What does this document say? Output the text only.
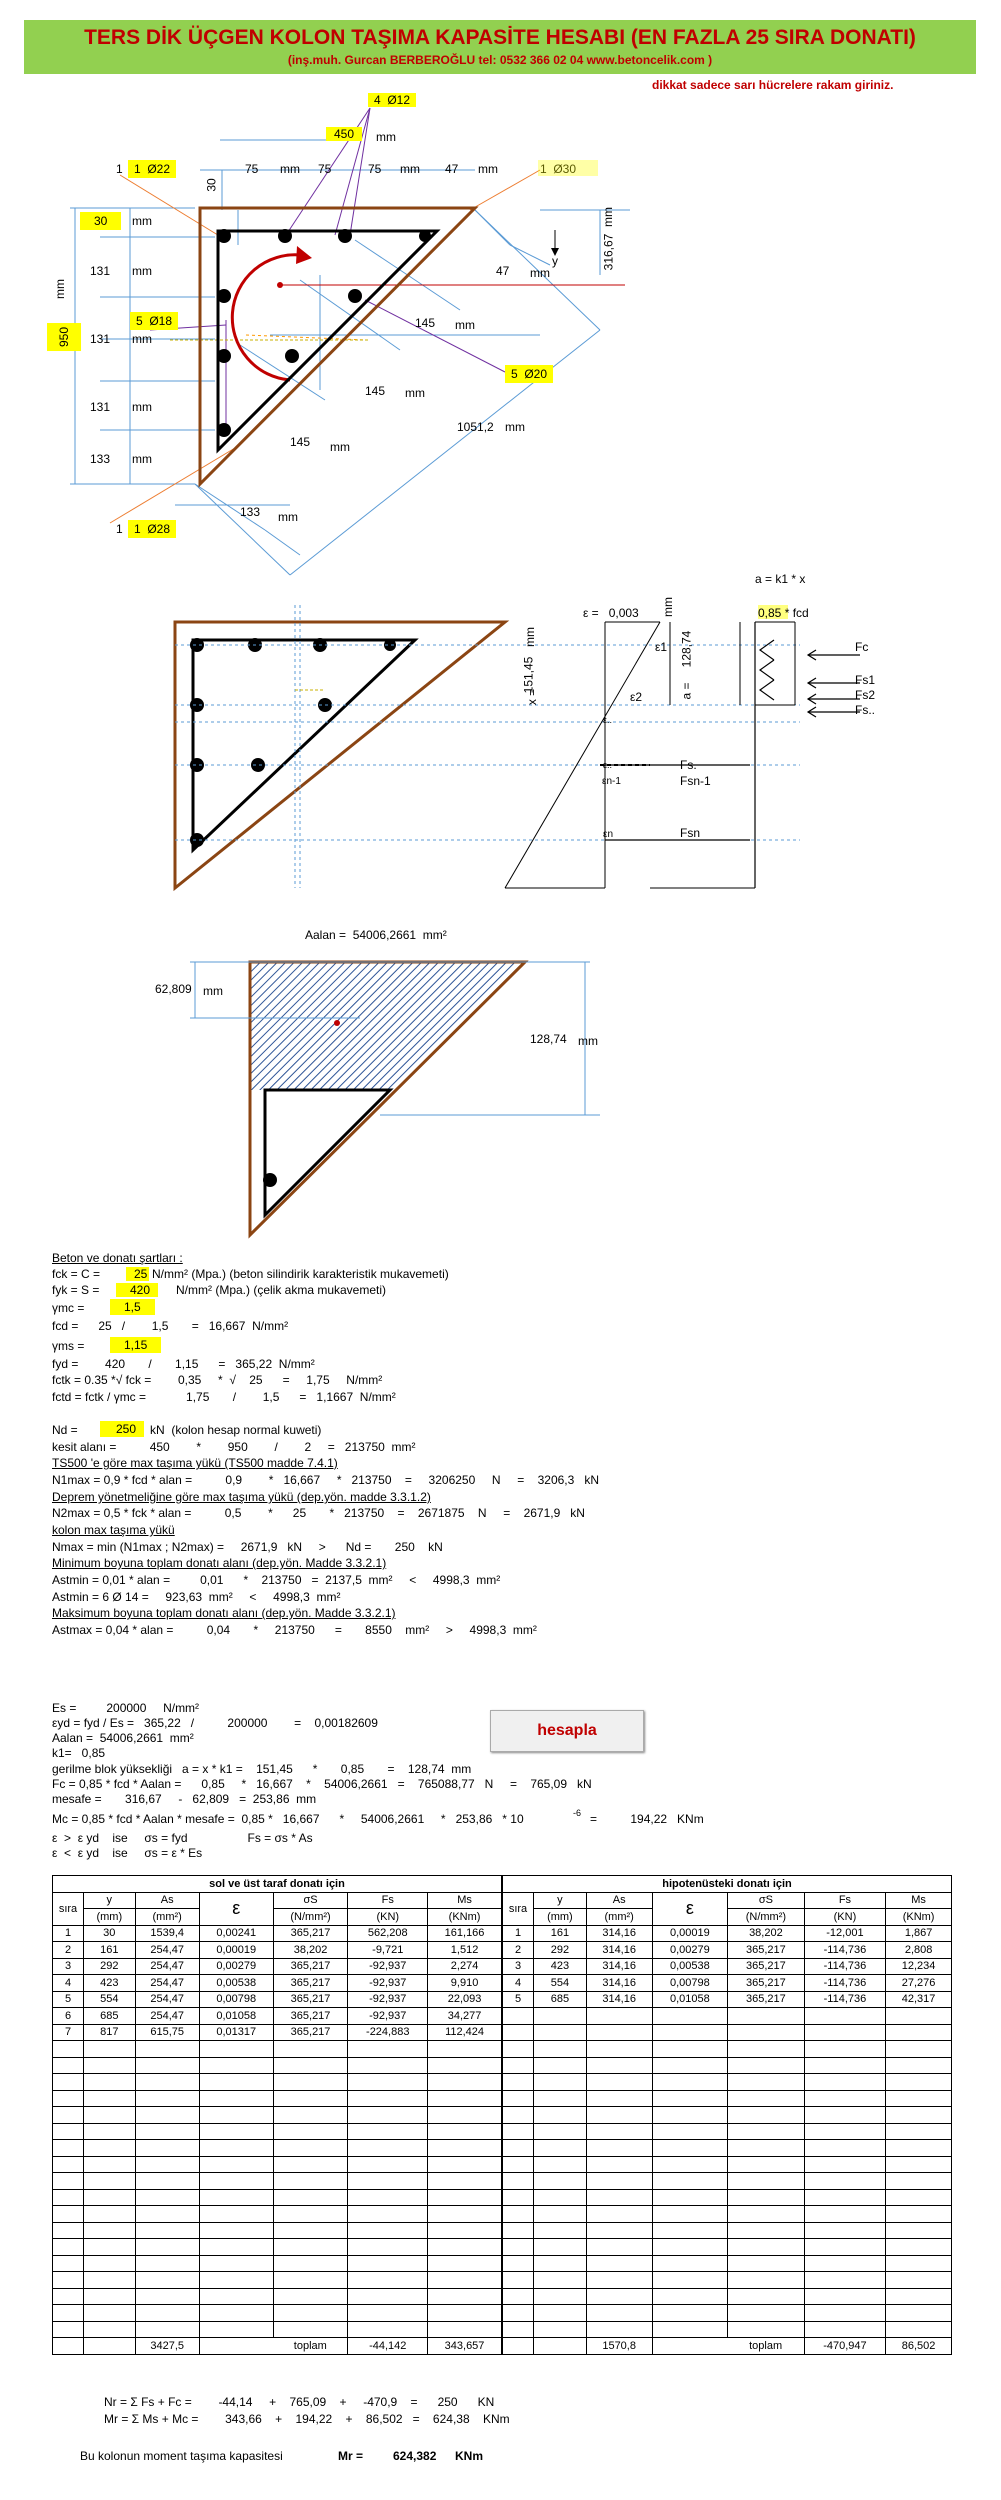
TERS DİK ÜÇGEN KOLON TAŞIMA KAPASİTE HESABI (EN FAZLA 25 SIRA DONATI)
(inş.muh. Gurcan BERBEROĞLU tel: 0532 366 02 04 www.betoncelik.com )
dikkat sadece sarı hücrelere rakam giriniz.
4  Ø12
450	mm
1 1  Ø22	1  Ø30
75 mm 75	75 mm 47 mm
30
30	mm
131 mm
131 mm
131 mm
133 mm
950
mm
5  Ø18
5  Ø20
y
mm
316,67
47 mm
145 mm
145 mm
145 mm
1051,2 mm
133 mm
1 1  Ø28
a = k1 * x
ε =   0,003	0,85 * fcd
mm
mm
151,45
x =
128,74
a =
ε1
ε2
ε..
ε..
εn-1
εn
Fc
Fs1
Fs2
Fs..
Fs.
Fsn-1
Fsn
Aalan =  54006,2661  mm²
62,809 mm
128,74 mm
Beton ve donatı şartları :
fck = C =	25 N/mm² (Mpa.) (beton silindirik karakteristik mukavemeti)
fyk = S =	420	N/mm² (Mpa.) (çelik akma mukavemeti)
γmc =	1,5
fcd =      25   /        1,5       =   16,667  N/mm²
γms =	1,15
fyd =        420       /       1,15      =   365,22  N/mm²
fctk = 0.35 *√ fck =        0,35     *  √    25      =     1,75     N/mm²
fctd = fctk / γmc =            1,75       /        1,5      =   1,1667  N/mm²
Nd =	250	kN  (kolon hesap normal kuweti)
kesit alanı =          450        *        950        /        2     =   213750  mm²
TS500 'e göre max taşıma yükü (TS500 madde 7.4.1)
N1max = 0,9 * fcd * alan =          0,9        *   16,667     *   213750    =     3206250     N     =    3206,3   kN
Deprem yönetmeliğine göre max taşıma yükü (dep.yön. madde 3.3.1.2)
N2max = 0,5 * fck * alan =          0,5        *      25       *   213750    =    2671875    N     =    2671,9   kN
kolon max taşıma yükü
Nmax = min (N1max ; N2max) =     2671,9   kN     >      Nd =       250    kN
Minimum boyuna toplam donatı alanı (dep.yön. Madde 3.3.2.1)
Astmin = 0,01 * alan =         0,01      *    213750   =  2137,5  mm²     <     4998,3  mm²
Astmin = 6 Ø 14 =     923,63  mm²     <     4998,3  mm²
Maksimum boyuna toplam donatı alanı (dep.yön. Madde 3.3.2.1)
Astmax = 0,04 * alan =          0,04       *     213750      =       8550    mm²     >     4998,3  mm²
Es =         200000     N/mm²
εyd = fyd / Es =   365,22   /          200000        =    0,00182609
Aalan =  54006,2661  mm²
k1=   0,85
gerilme blok yüksekliği   a = x * k1 =    151,45      *       0,85       =    128,74  mm
Fc = 0,85 * fcd * Aalan =      0,85     *   16,667    *    54006,2661   =    765088,77   N     =    765,09   kN
mesafe =       316,67     -   62,809   =  253,86  mm
Mc = 0,85 * fcd * Aalan * mesafe =  0,85 *   16,667      *     54006,2661     *   253,86   * 10	-6 =          194,22   KNm
ε  >  ε yd    ise     σs = fyd                  Fs = σs * As
ε  <  ε yd    ise     σs = ε * Es
hesapla
sol ve üst taraf donatı için						
sıra	y	As	ε	σS	Fs	Ms
	(mm)	(mm²)		(N/mm²)	(KN)	(KNm)
1	30	1539,4	0,00241	365,217	562,208	161,166
2	161	254,47	0,00019	38,202	-9,721	1,512
3	292	254,47	0,00279	365,217	-92,937	2,274
4	423	254,47	0,00538	365,217	-92,937	9,910
5	554	254,47	0,00798	365,217	-92,937	22,093
6	685	254,47	0,01058	365,217	-92,937	34,277
7	817	615,75	0,01317	365,217	-224,883	112,424

		3427,5		toplam	-44,142	343,657
hipotenüsteki donatı için						
sıra	y	As	ε	σS	Fs	Ms
	(mm)	(mm²)		(N/mm²)	(KN)	(KNm)
1	161	314,16	0,00019	38,202	-12,001	1,867
2	292	314,16	0,00279	365,217	-114,736	2,808
3	423	314,16	0,00538	365,217	-114,736	12,234
4	554	314,16	0,00798	365,217	-114,736	27,276
5	685	314,16	0,01058	365,217	-114,736	42,317

		1570,8		toplam	-470,947	86,502
Nr = Σ Fs + Fc =        -44,14     +    765,09    +     -470,9    =      250      KN
Mr = Σ Ms + Mc =        343,66    +    194,22    +    86,502   =    624,38    KNm
Bu kolonun moment taşıma kapasitesi	Mr = 624,382 KNm
